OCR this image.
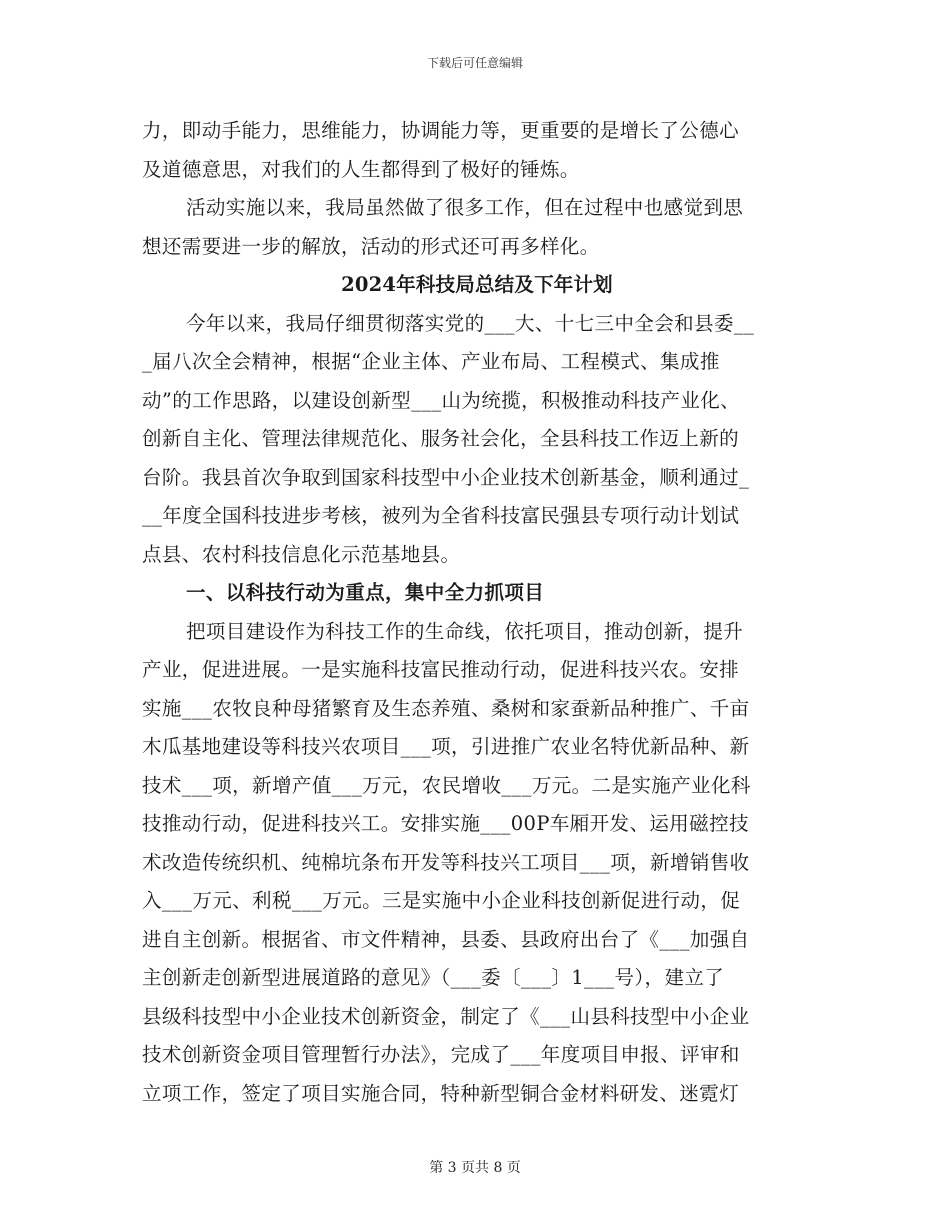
下载后可任意编辑
力，即动手能力，思维能力，协调能力等，更重要的是增长了公德心
及道德意思，对我们的人生都得到了极好的锤炼。
活动实施以来，我局虽然做了很多工作，但在过程中也感觉到思
想还需要进一步的解放，活动的形式还可再多样化。
2024年科技局总结及下年计划
今年以来，我局仔细贯彻落实党的___大、十七三中全会和县委__
_届八次全会精神，根据“企业主体、产业布局、工程模式、集成推
动”的工作思路，以建设创新型___山为统揽，积极推动科技产业化、
创新自主化、管理法律规范化、服务社会化，全县科技工作迈上新的
台阶。我县首次争取到国家科技型中小企业技术创新基金，顺利通过_
__年度全国科技进步考核，被列为全省科技富民强县专项行动计划试
点县、农村科技信息化示范基地县。
一、以科技行动为重点，集中全力抓项目
把项目建设作为科技工作的生命线，依托项目，推动创新，提升
产业，促进进展。一是实施科技富民推动行动，促进科技兴农。安排
实施___农牧良种母猪繁育及生态养殖、桑树和家蚕新品种推广、千亩
木瓜基地建设等科技兴农项目___项，引进推广农业名特优新品种、新
技术___项，新增产值___万元，农民增收___万元。二是实施产业化科
技推动行动，促进科技兴工。安排实施___00P车厢开发、运用磁控技
术改造传统织机、纯棉坑条布开发等科技兴工项目___项，新增销售收
入___万元、利税___万元。三是实施中小企业科技创新促进行动，促
进自主创新。根据省、市文件精神，县委、县政府出台了《___加强自
主创新走创新型进展道路的意见》（___委〔___〕1___号），建立了
县级科技型中小企业技术创新资金，制定了《___山县科技型中小企业
技术创新资金项目管理暂行办法》，完成了___年度项目申报、评审和
立项工作，签定了项目实施合同，特种新型铜合金材料研发、迷霓灯
第 3 页共 8 页
